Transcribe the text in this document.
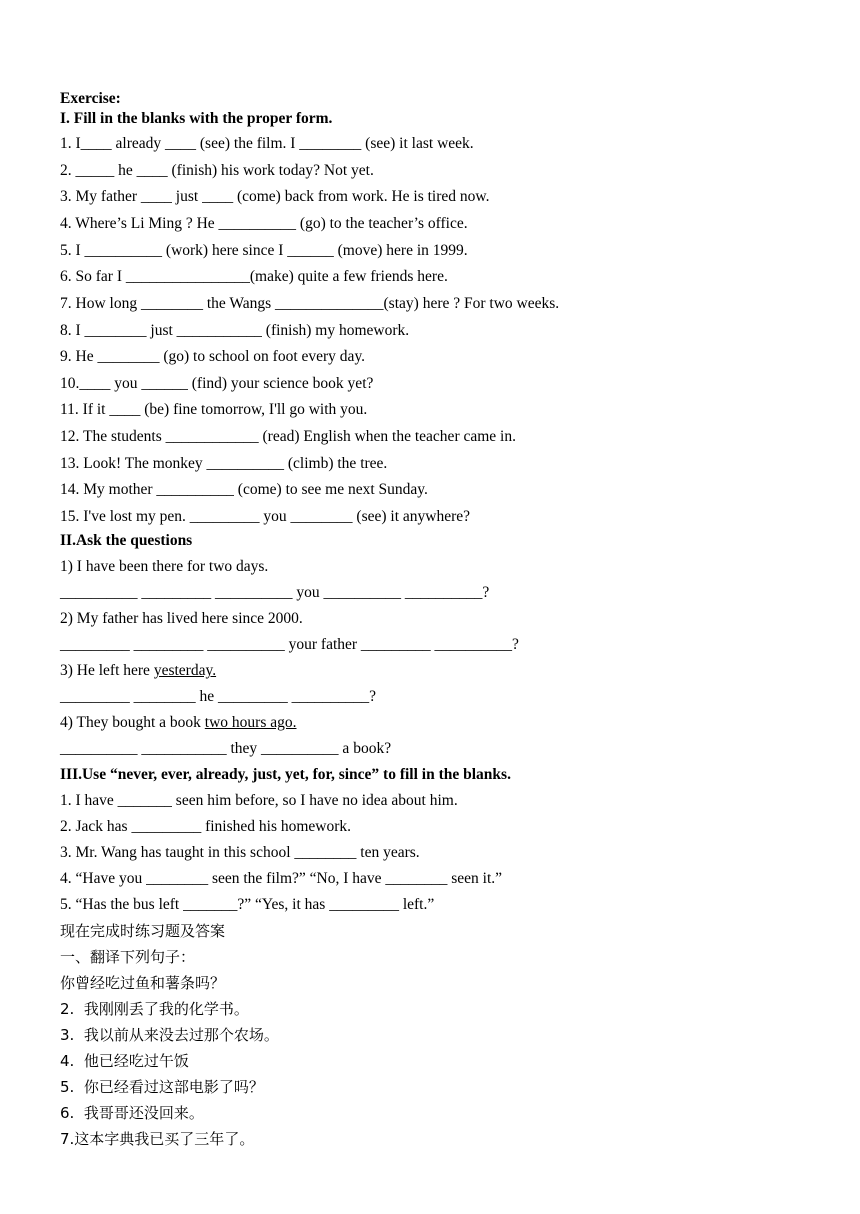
Exercise:

I. Fill in the blanks with the proper form.

1. I____ already ____ (see) the film. I ________ (see) it last week.

2. _____ he ____ (finish) his work today? Not yet.

3. My father ____ just ____ (come) back from work. He is tired now.

4. Where’s Li Ming ? He __________ (go) to the teacher’s office.

5. I __________ (work) here since I ______ (move) here in 1999.

6. So far I ________________(make) quite a few friends here.

7. How long ________ the Wangs ______________(stay) here ? For two weeks.

8. I ________ just ___________ (finish) my homework.

9. He ________ (go) to school on foot every day.

10.____ you ______ (find) your science book yet?

11. If it ____ (be) fine tomorrow, I'll go with you.

12. The students ____________ (read) English when the teacher came in.

13. Look! The monkey __________ (climb) the tree.

14. My mother __________ (come) to see me next Sunday.

15. I've lost my pen. _________ you ________ (see) it anywhere?

II.Ask the questions

1) I have been there for two days.

__________ _________ __________ you __________ __________?

2) My father has lived here since 2000.

_________ _________ __________ your father _________ __________?

3) He left here yesterday.

_________ ________ he _________ __________?

4) They bought a book two hours ago.

__________ ___________ they __________ a book?

III.Use “never, ever, already, just, yet, for, since” to fill in the blanks.

1. I have _______ seen him before, so I have no idea about him.

2. Jack has _________ finished his homework.

3. Mr. Wang has taught in this school ________ ten years.

4. “Have you ________ seen the film?” “No, I have ________ seen it.”

5. “Has the bus left _______?” “Yes, it has _________ left.”

现在完成时练习题及答案

一、翻译下列句子：

你曾经吃过鱼和薯条吗？

2.  我刚刚丢了我的化学书。

3.  我以前从来没去过那个农场。

4.  他已经吃过午饭

5.  你已经看过这部电影了吗？

6.  我哥哥还没回来。

7.这本字典我已买了三年了。
